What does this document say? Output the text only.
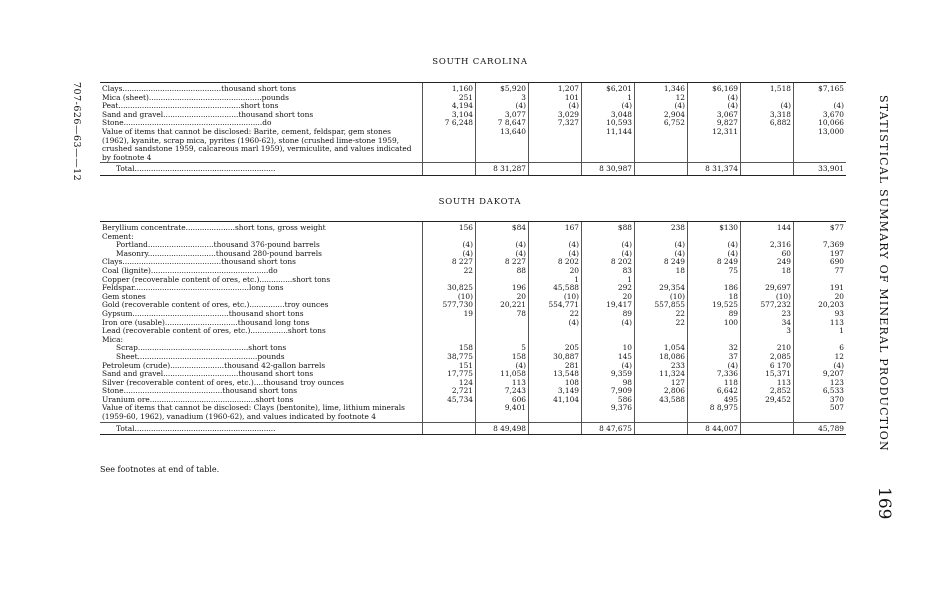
707-626—63——12	STATISTICAL SUMMARY OF MINERAL PRODUCTION
169
SOUTH CAROLINA
Clays..........................................thousand short tons	1,160	$5,920	1,207	$6,201	1,346	$6,169	1,518	$7,165
Mica (sheet)................................................pounds	251	3	101	1	12	(4)		
Peat....................................................short tons	4,194	(4)	(4)	(4)	(4)	(4)	(4)	(4)
Sand and gravel................................thousand short tons	3,104	3,077	3,029	3,048	2,904	3,067	3,318	3,670
Stone...........................................................do	7 6,248	7 8,647	7,327	10,593	6,752	9,827	6,882	10,066

Value of items that cannot be disclosed: Barite, cement, feldspar, gem stones (1962), kyanite, scrap mica, pyrites (1960-62), stone (crushed lime-stone 1959, crushed sandstone 1959, calcareous marl 1959), vermiculite, and values indicated by footnote 4		13,640		11,144		12,311		13,000
Total............................................................		8 31,287		8 30,987		8 31,374		33,901
SOUTH DAKOTA
Beryllium concentrate.....................short tons, gross weight	156	$84	167	$88	238	$130	144	$77
Cement:								
Portland............................thousand 376-pound barrels	(4)	(4)	(4)	(4)	(4)	(4)	2,316	7,369
Masonry.............................thousand 280-pound barrels	(4)	(4)	(4)	(4)	(4)	(4)	60	197
Clays..........................................thousand short tons	8 227	8 227	8 202	8 202	8 249	8 249	249	690
Coal (lignite)..................................................do	22	88	20	83	18	75	18	77
Copper (recoverable content of ores, etc.)..............short tons			1	1				
Feldspar.................................................long tons	30,825	196	45,588	292	29,354	186	29,697	191
Gem stones	(10)	20	(10)	20	(10)	18	(10)	20
Gold (recoverable content of ores, etc.)...............troy ounces	577,730	20,221	554,771	19,417	557,855	19,525	577,232	20,203
Gypsum.........................................thousand short tons	19	78	22	89	22	89	23	93
Iron ore (usable)...............................thousand long tons			(4)	(4)	22	100	34	113
Lead (recoverable content of ores, etc.)................short tons							3	1
Mica:								
Scrap...............................................short tons	158	5	205	10	1,054	32	210	6
Sheet...................................................pounds	38,775	158	30,887	145	18,086	37	2,085	12
Petroleum (crude).......................thousand 42-gallon barrels	151	(4)	281	(4)	233	(4)	6 170	(4)
Sand and gravel................................thousand short tons	17,775	11,058	13,548	9,359	11,324	7,336	15,371	9,207
Silver (recoverable content of ores, etc.)....thousand troy ounces	124	113	108	98	127	118	113	123
Stone..........................................thousand short tons	2,721	7,243	3,149	7,909	2,806	6,642	2,852	6,533
Uranium ore.............................................short tons	45,734	606	41,104	586	43,588	495	29,452	370

Value of items that cannot be disclosed: Clays (bentonite), lime, lithium minerals (1959-60, 1962), vanadium (1960-62), and values indicated by footnote 4		9,401		9,376		8 8,975		507
Total............................................................		8 49,498		8 47,675		8 44,007		45,789
See footnotes at end of table.
